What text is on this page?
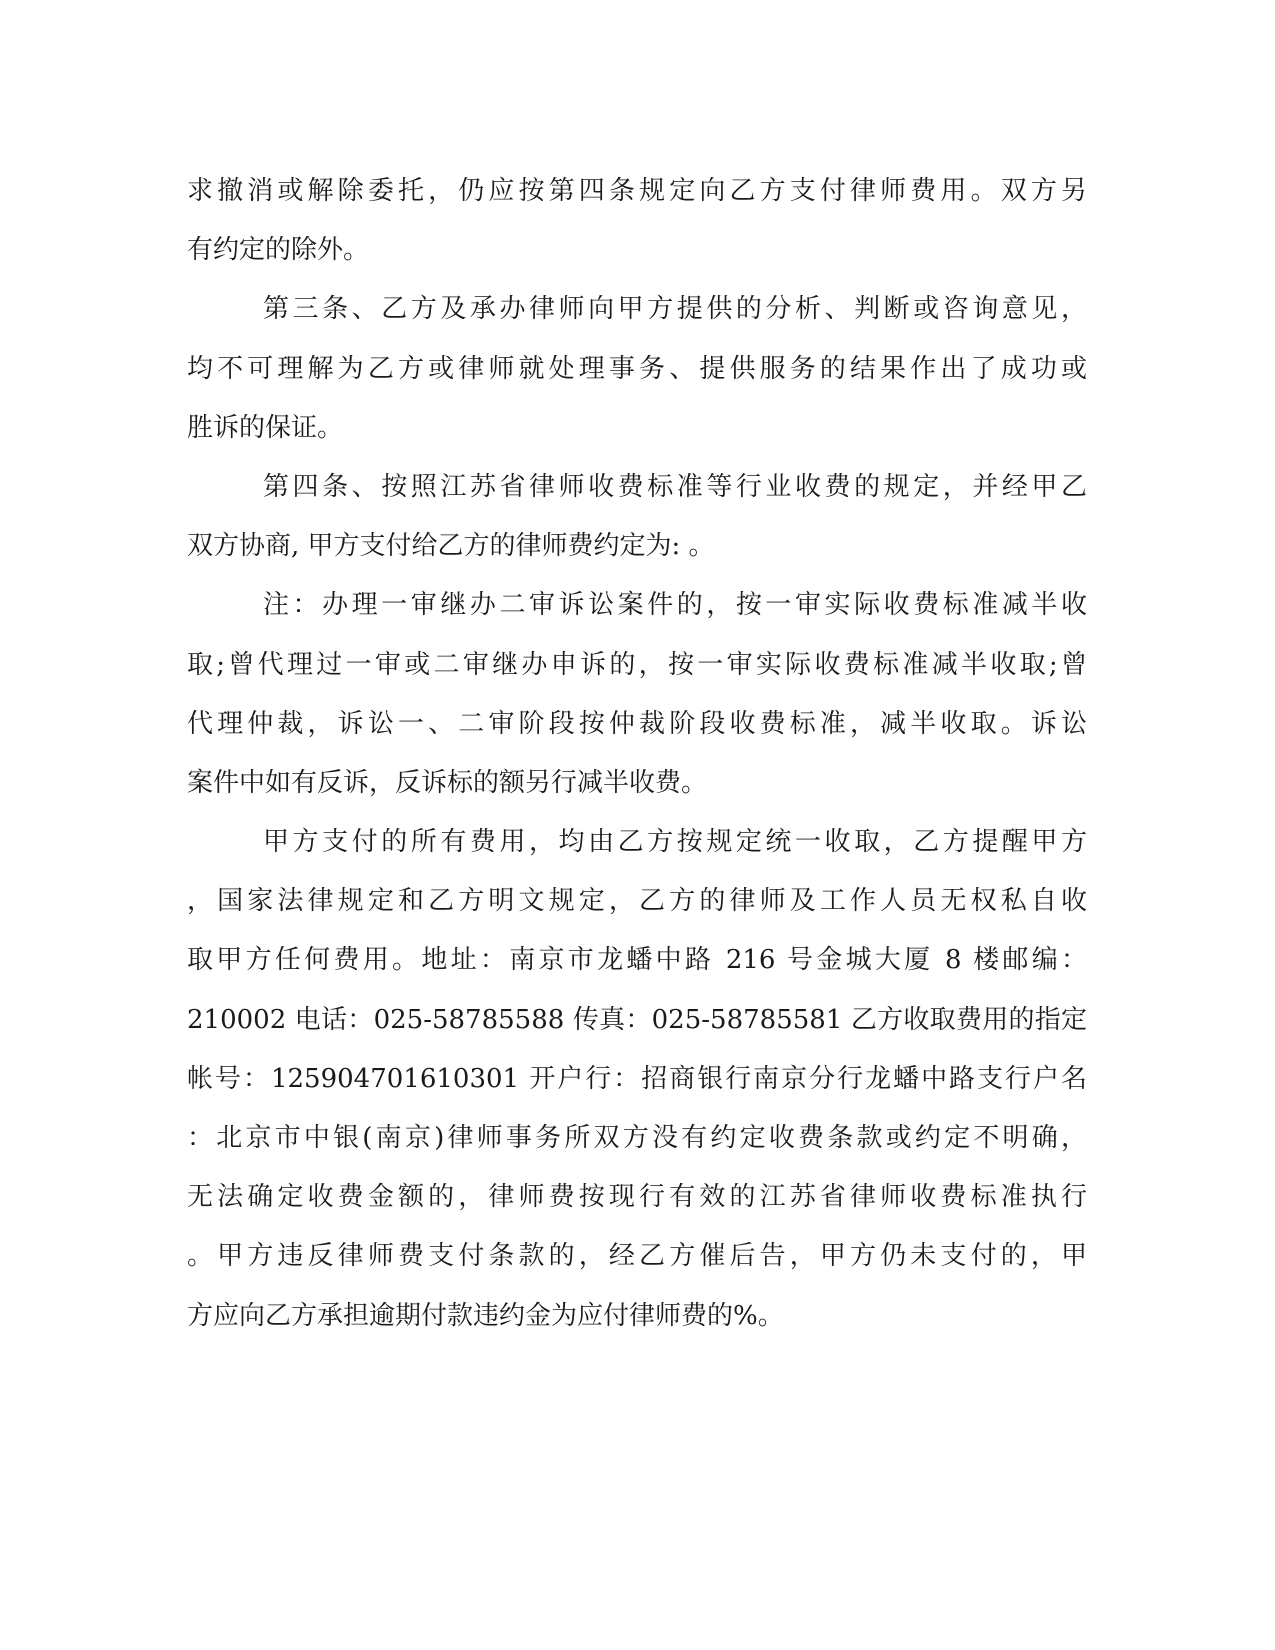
求撤消或解除委托，仍应按第四条规定向乙方支付律师费用。双方另
有约定的除外。
第三条、乙方及承办律师向甲方提供的分析、判断或咨询意见，
均不可理解为乙方或律师就处理事务、提供服务的结果作出了成功或
胜诉的保证。
第四条、按照江苏省律师收费标准等行业收费的规定，并经甲乙
双方协商, 甲方支付给乙方的律师费约定为: 。
注：办理一审继办二审诉讼案件的，按一审实际收费标准减半收
取;曾代理过一审或二审继办申诉的，按一审实际收费标准减半收取;曾
代理仲裁，诉讼一、二审阶段按仲裁阶段收费标准，减半收取。诉讼
案件中如有反诉，反诉标的额另行减半收费。
甲方支付的所有费用，均由乙方按规定统一收取，乙方提醒甲方
，国家法律规定和乙方明文规定，乙方的律师及工作人员无权私自收
取甲方任何费用。地址：南京市龙蟠中路 216 号金城大厦 8 楼邮编：
210002 电话：025-58785588 传真：025-58785581 乙方收取费用的指定
帐号：125904701610301 开户行：招商银行南京分行龙蟠中路支行户名
：北京市中银(南京)律师事务所双方没有约定收费条款或约定不明确，
无法确定收费金额的，律师费按现行有效的江苏省律师收费标准执行
。甲方违反律师费支付条款的，经乙方催后告，甲方仍未支付的，甲
方应向乙方承担逾期付款违约金为应付律师费的%。
